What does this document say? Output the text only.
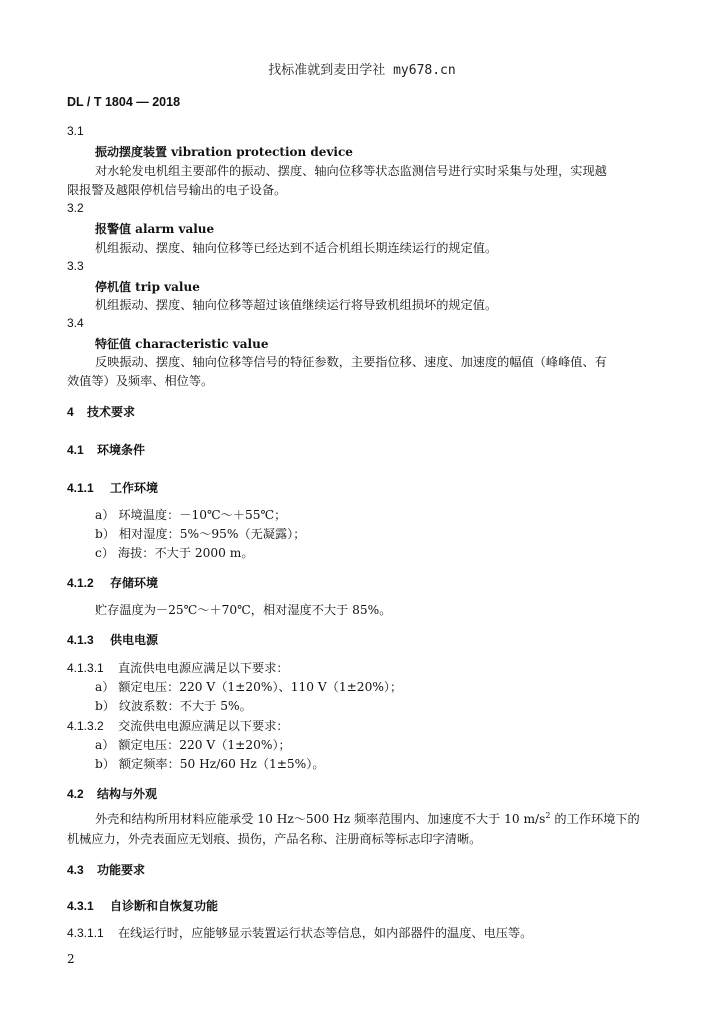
找标准就到麦田学社 my678.cn
DL / T 1804 — 2018
3.1
振动摆度装置 vibration protection device
对水轮发电机组主要部件的振动、摆度、轴向位移等状态监测信号进行实时采集与处理，实现越
限报警及越限停机信号输出的电子设备。
3.2
报警值 alarm value
机组振动、摆度、轴向位移等已经达到不适合机组长期连续运行的规定值。
3.3
停机值 trip value
机组振动、摆度、轴向位移等超过该值继续运行将导致机组损坏的规定值。
3.4
特征值 characteristic value
反映振动、摆度、轴向位移等信号的特征参数，主要指位移、速度、加速度的幅值（峰峰值、有
效值等）及频率、相位等。
4 技术要求
4.1 环境条件
4.1.1 工作环境
a） 环境温度：－10℃～＋55℃；
b） 相对湿度：5%～95%（无凝露）；
c） 海拔：不大于 2000 m。
4.1.2 存储环境
贮存温度为－25℃～＋70℃，相对湿度不大于 85%。
4.1.3 供电电源
4.1.3.1 直流供电电源应满足以下要求：
a） 额定电压：220 V（1±20%）、110 V（1±20%）；
b） 纹波系数：不大于 5%。
4.1.3.2 交流供电电源应满足以下要求：
a） 额定电压：220 V（1±20%）；
b） 额定频率：50 Hz/60 Hz（1±5%）。
4.2 结构与外观
外壳和结构所用材料应能承受 10 Hz～500 Hz 频率范围内、加速度不大于 10 $m/s^2$ 的工作环境下的
机械应力，外壳表面应无划痕、损伤，产品名称、注册商标等标志印字清晰。
4.3 功能要求
4.3.1 自诊断和自恢复功能
4.3.1.1 在线运行时，应能够显示装置运行状态等信息，如内部器件的温度、电压等。
2
